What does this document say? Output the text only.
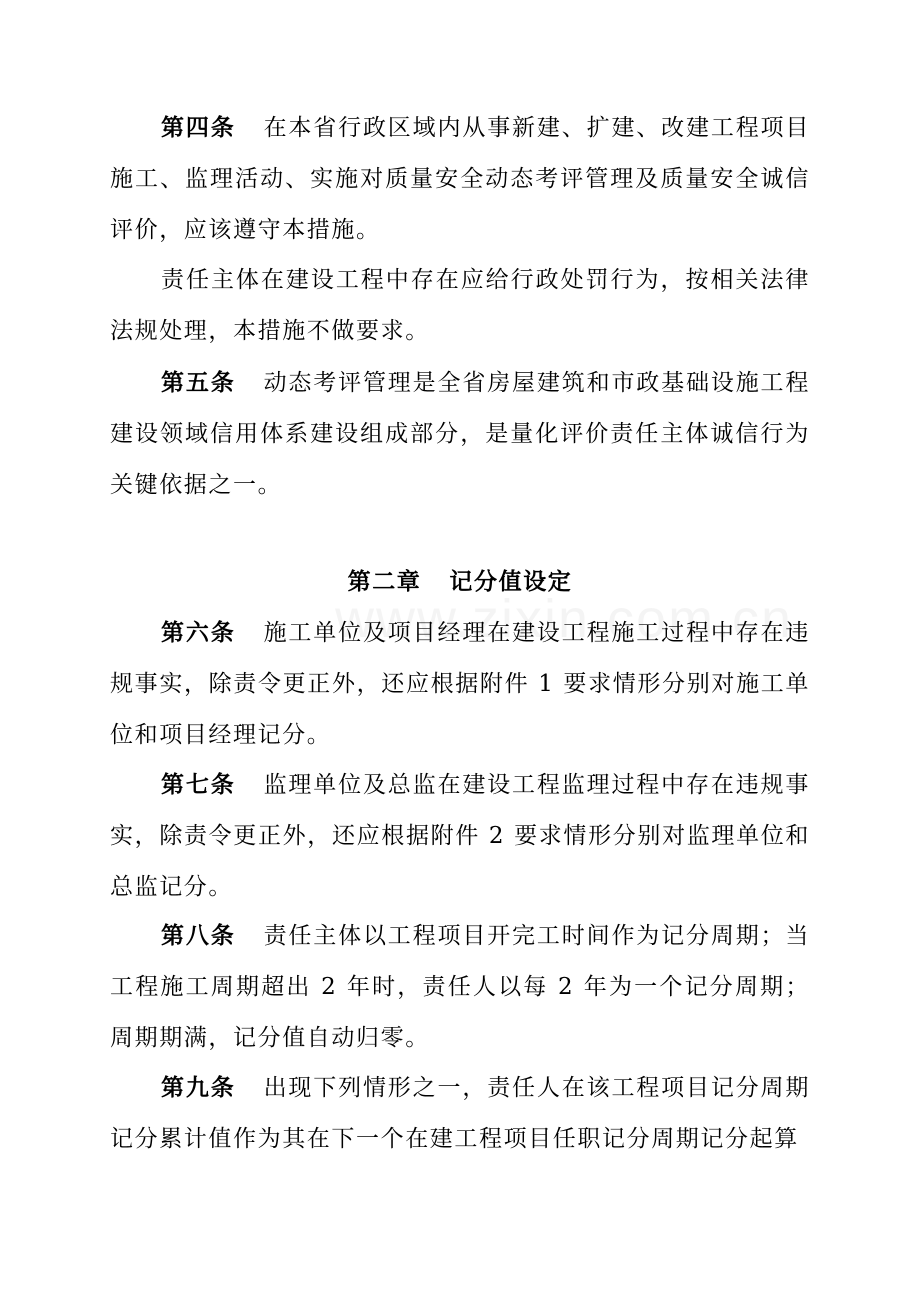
第四条 在本省行政区域内从事新建、扩建、改建工程项目施工、监理活动、实施对质量安全动态考评管理及质量安全诚信评价，应该遵守本措施。

责任主体在建设工程中存在应给行政处罚行为，按相关法律法规处理，本措施不做要求。

第五条 动态考评管理是全省房屋建筑和市政基础设施工程建设领域信用体系建设组成部分，是量化评价责任主体诚信行为关键依据之一。

第二章 记分值设定

第六条 施工单位及项目经理在建设工程施工过程中存在违规事实，除责令更正外，还应根据附件 1 要求情形分别对施工单位和项目经理记分。

第七条 监理单位及总监在建设工程监理过程中存在违规事实，除责令更正外，还应根据附件 2 要求情形分别对监理单位和总监记分。

第八条 责任主体以工程项目开完工时间作为记分周期；当工程施工周期超出 2 年时，责任人以每 2 年为一个记分周期；周期期满，记分值自动归零。

第九条 出现下列情形之一，责任人在该工程项目记分周期记分累计值作为其在下一个在建工程项目任职记分周期记分起算
